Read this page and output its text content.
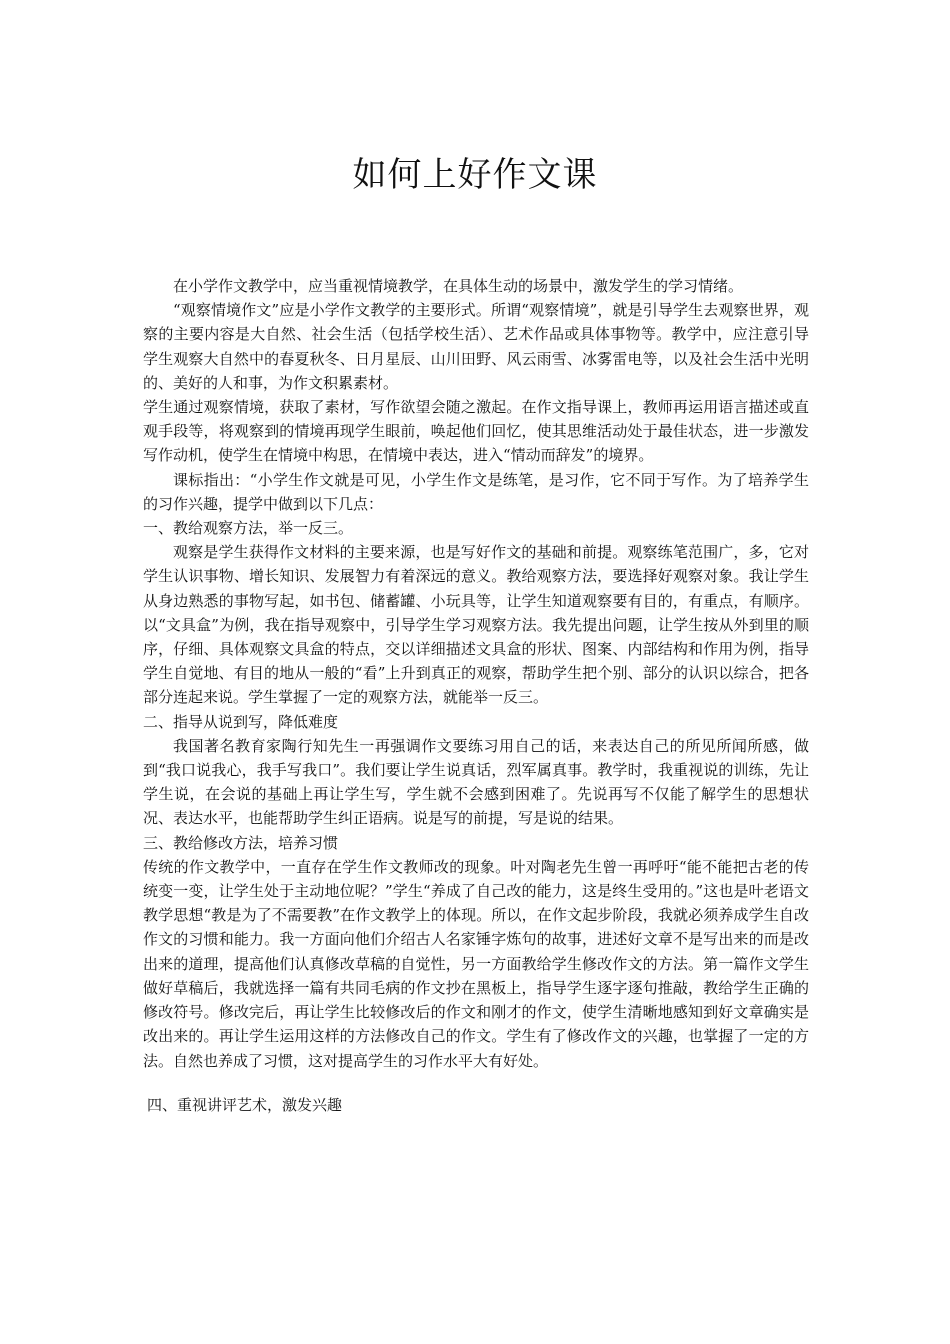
如何上好作文课

在小学作文教学中，应当重视情境教学，在具体生动的场景中，激发学生的学习情绪。

“观察情境作文”应是小学作文教学的主要形式。所谓“观察情境”，就是引导学生去观察世界，观察的主要内容是大自然、社会生活（包括学校生活）、艺术作品或具体事物等。教学中，应注意引导学生观察大自然中的春夏秋冬、日月星辰、山川田野、风云雨雪、冰雾雷电等，以及社会生活中光明的、美好的人和事，为作文积累素材。

学生通过观察情境，获取了素材，写作欲望会随之激起。在作文指导课上，教师再运用语言描述或直观手段等，将观察到的情境再现学生眼前，唤起他们回忆，使其思维活动处于最佳状态，进一步激发写作动机，使学生在情境中构思，在情境中表达，进入“情动而辞发”的境界。

课标指出：“小学生作文就是可见，小学生作文是练笔，是习作，它不同于写作。为了培养学生的习作兴趣，提学中做到以下几点：

一、教给观察方法，举一反三。

观察是学生获得作文材料的主要来源，也是写好作文的基础和前提。观察练笔范围广，多，它对学生认识事物、增长知识、发展智力有着深远的意义。教给观察方法，要选择好观察对象。我让学生从身边熟悉的事物写起，如书包、储蓄罐、小玩具等，让学生知道观察要有目的，有重点，有顺序。以“文具盒”为例，我在指导观察中，引导学生学习观察方法。我先提出问题，让学生按从外到里的顺序，仔细、具体观察文具盒的特点，交以详细描述文具盒的形状、图案、内部结构和作用为例，指导学生自觉地、有目的地从一般的“看”上升到真正的观察，帮助学生把个别、部分的认识以综合，把各部分连起来说。学生掌握了一定的观察方法，就能举一反三。

二、指导从说到写，降低难度

我国著名教育家陶行知先生一再强调作文要练习用自己的话，来表达自己的所见所闻所感，做到“我口说我心，我手写我口”。我们要让学生说真话，烈军属真事。教学时，我重视说的训练，先让学生说，在会说的基础上再让学生写，学生就不会感到困难了。先说再写不仅能了解学生的思想状况、表达水平，也能帮助学生纠正语病。说是写的前提，写是说的结果。

三、教给修改方法，培养习惯

传统的作文教学中，一直存在学生作文教师改的现象。叶对陶老先生曾一再呼吁“能不能把古老的传统变一变，让学生处于主动地位呢？”学生“养成了自己改的能力，这是终生受用的。”这也是叶老语文教学思想“教是为了不需要教”在作文教学上的体现。所以，在作文起步阶段，我就必须养成学生自改作文的习惯和能力。我一方面向他们介绍古人名家锤字炼句的故事，进述好文章不是写出来的而是改出来的道理，提高他们认真修改草稿的自觉性，另一方面教给学生修改作文的方法。第一篇作文学生做好草稿后，我就选择一篇有共同毛病的作文抄在黑板上，指导学生逐字逐句推敲，教给学生正确的修改符号。修改完后，再让学生比较修改后的作文和刚才的作文，使学生清晰地感知到好文章确实是改出来的。再让学生运用这样的方法修改自己的作文。学生有了修改作文的兴趣，也掌握了一定的方法。自然也养成了习惯，这对提高学生的习作水平大有好处。

四、重视讲评艺术，激发兴趣
